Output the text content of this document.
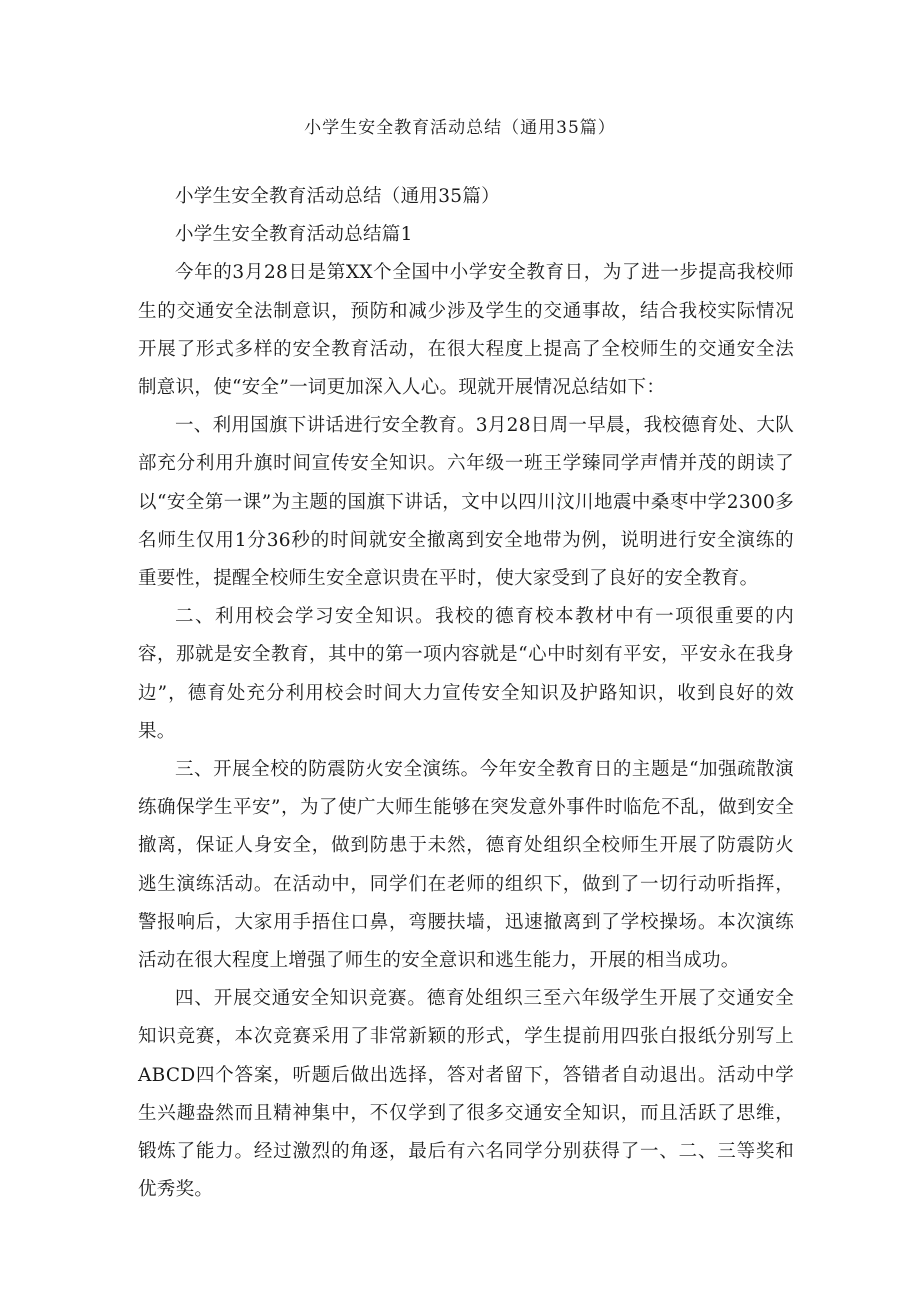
小学生安全教育活动总结（通用35篇）

小学生安全教育活动总结（通用35篇）

小学生安全教育活动总结篇1

今年的3月28日是第XX个全国中小学安全教育日，为了进一步提高我校师生的交通安全法制意识，预防和减少涉及学生的交通事故，结合我校实际情况开展了形式多样的安全教育活动，在很大程度上提高了全校师生的交通安全法制意识，使“安全”一词更加深入人心。现就开展情况总结如下：

一、利用国旗下讲话进行安全教育。3月28日周一早晨，我校德育处、大队部充分利用升旗时间宣传安全知识。六年级一班王学臻同学声情并茂的朗读了以“安全第一课”为主题的国旗下讲话，文中以四川汶川地震中桑枣中学2300多名师生仅用1分36秒的时间就安全撤离到安全地带为例，说明进行安全演练的重要性，提醒全校师生安全意识贵在平时，使大家受到了良好的安全教育。

二、利用校会学习安全知识。我校的德育校本教材中有一项很重要的内容，那就是安全教育，其中的第一项内容就是“心中时刻有平安，平安永在我身边”，德育处充分利用校会时间大力宣传安全知识及护路知识，收到良好的效果。

三、开展全校的防震防火安全演练。今年安全教育日的主题是“加强疏散演练确保学生平安”，为了使广大师生能够在突发意外事件时临危不乱，做到安全撤离，保证人身安全，做到防患于未然，德育处组织全校师生开展了防震防火逃生演练活动。在活动中，同学们在老师的组织下，做到了一切行动听指挥，警报响后，大家用手捂住口鼻，弯腰扶墙，迅速撤离到了学校操场。本次演练活动在很大程度上增强了师生的安全意识和逃生能力，开展的相当成功。

四、开展交通安全知识竞赛。德育处组织三至六年级学生开展了交通安全知识竞赛，本次竞赛采用了非常新颖的形式，学生提前用四张白报纸分别写上ABCD四个答案，听题后做出选择，答对者留下，答错者自动退出。活动中学生兴趣盎然而且精神集中，不仅学到了很多交通安全知识，而且活跃了思维，锻炼了能力。经过激烈的角逐，最后有六名同学分别获得了一、二、三等奖和优秀奖。
